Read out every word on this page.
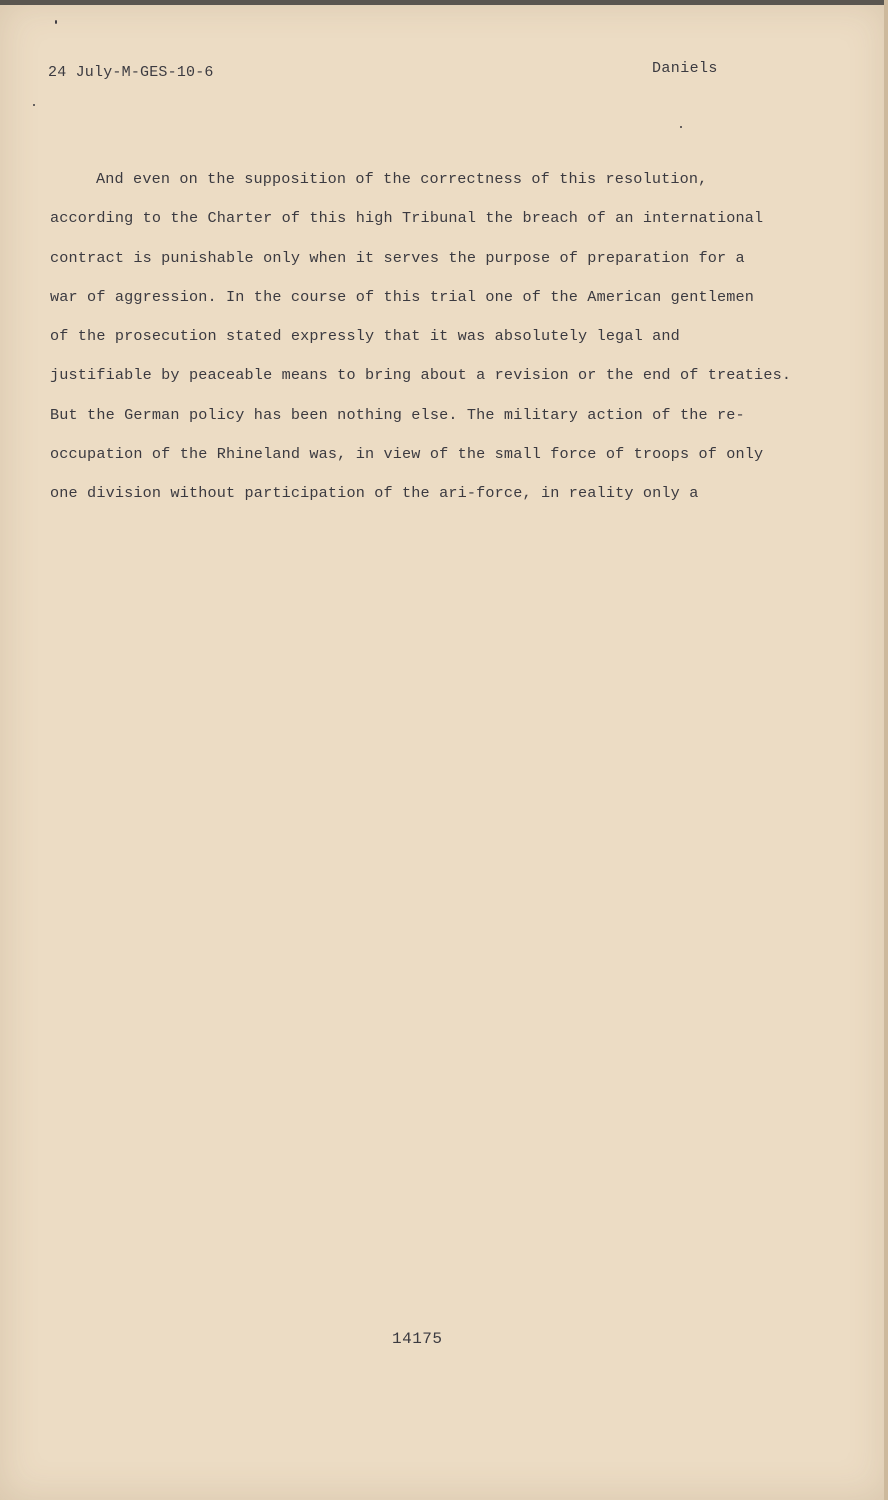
24 July-M-GES-10-6	Daniels
And even on the supposition of the correctness of this resolution,
according to the Charter of this high Tribunal the breach of an international
contract is punishable only when it serves the purpose of preparation for a
war of aggression. In the course of this trial one of the American gentlemen
of the prosecution stated expressly that it was absolutely legal and
justifiable by peaceable means to bring about a revision or the end of treaties.
But the German policy has been nothing else. The military action of the re-
occupation of the Rhineland was, in view of the small force of troops of only
one division without participation of the ari-force, in reality only a
14175
